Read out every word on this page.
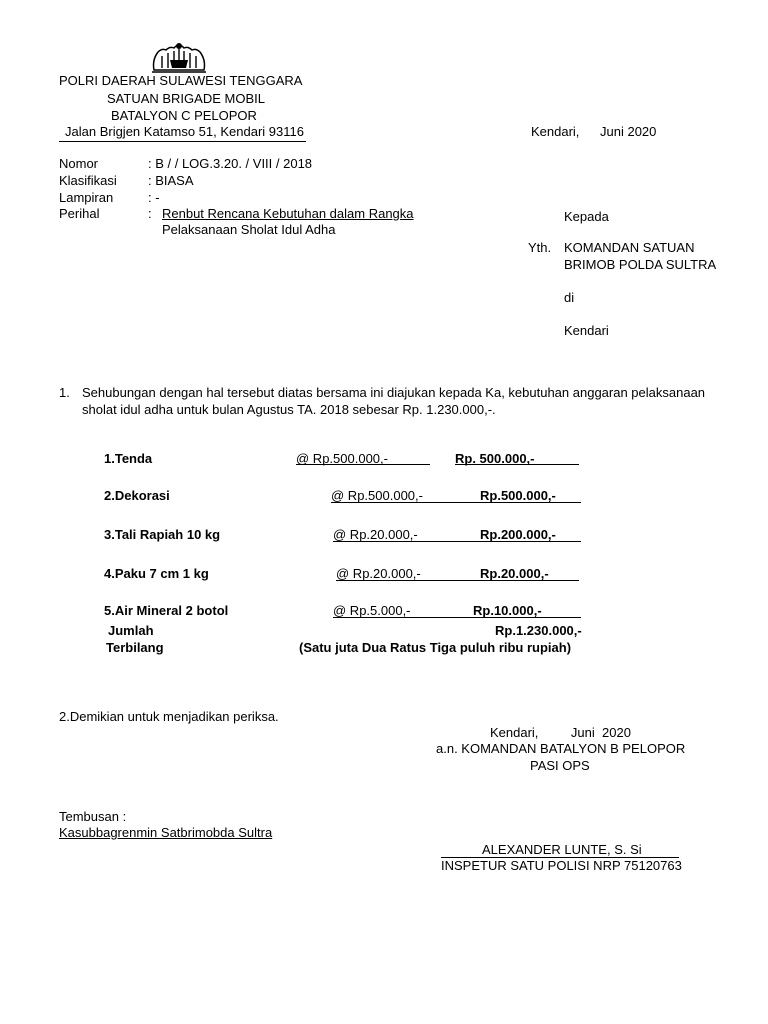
POLRI DAERAH SULAWESI TENGGARA
SATUAN BRIGADE MOBIL
BATALYON C PELOPOR
Jalan Brigjen Katamso 51, Kendari 93116	Kendari, Juni 2020
Nomor	: B / / LOG.3.20. / VIII / 2018
Klasifikasi : BIASA
Lampiran	: -
Perihal	: Renbut Rencana Kebutuhan dalam Rangka
Pelaksanaan Sholat Idul Adha
Kepada
Yth. KOMANDAN SATUAN
BRIMOB POLDA SULTRA
di
Kendari
1. Sehubungan dengan hal tersebut diatas bersama ini diajukan kepada Ka, kebutuhan anggaran pelaksanaan
sholat idul adha untuk bulan Agustus TA. 2018 sebesar Rp. 1.230.000,-.
1.Tenda	@ Rp.500.000,-	Rp. 500.000,-
2.Dekorasi	@ Rp.500.000,-	Rp.500.000,-
3.Tali Rapiah 10 kg	@ Rp.20.000,-	Rp.200.000,-
4.Paku 7 cm 1 kg	@ Rp.20.000,-	Rp.20.000,-
5.Air Mineral 2 botol	@ Rp.5.000,-	Rp.10.000,-
Jumlah	Rp.1.230.000,-
Terbilang	(Satu juta Dua Ratus Tiga puluh ribu rupiah)
2.Demikian untuk menjadikan periksa.
Kendari,         Juni  2020
a.n. KOMANDAN BATALYON B PELOPOR
PASI OPS
ALEXANDER LUNTE, S. Si
INSPETUR SATU POLISI NRP 75120763
Tembusan :
Kasubbagrenmin Satbrimobda Sultra
